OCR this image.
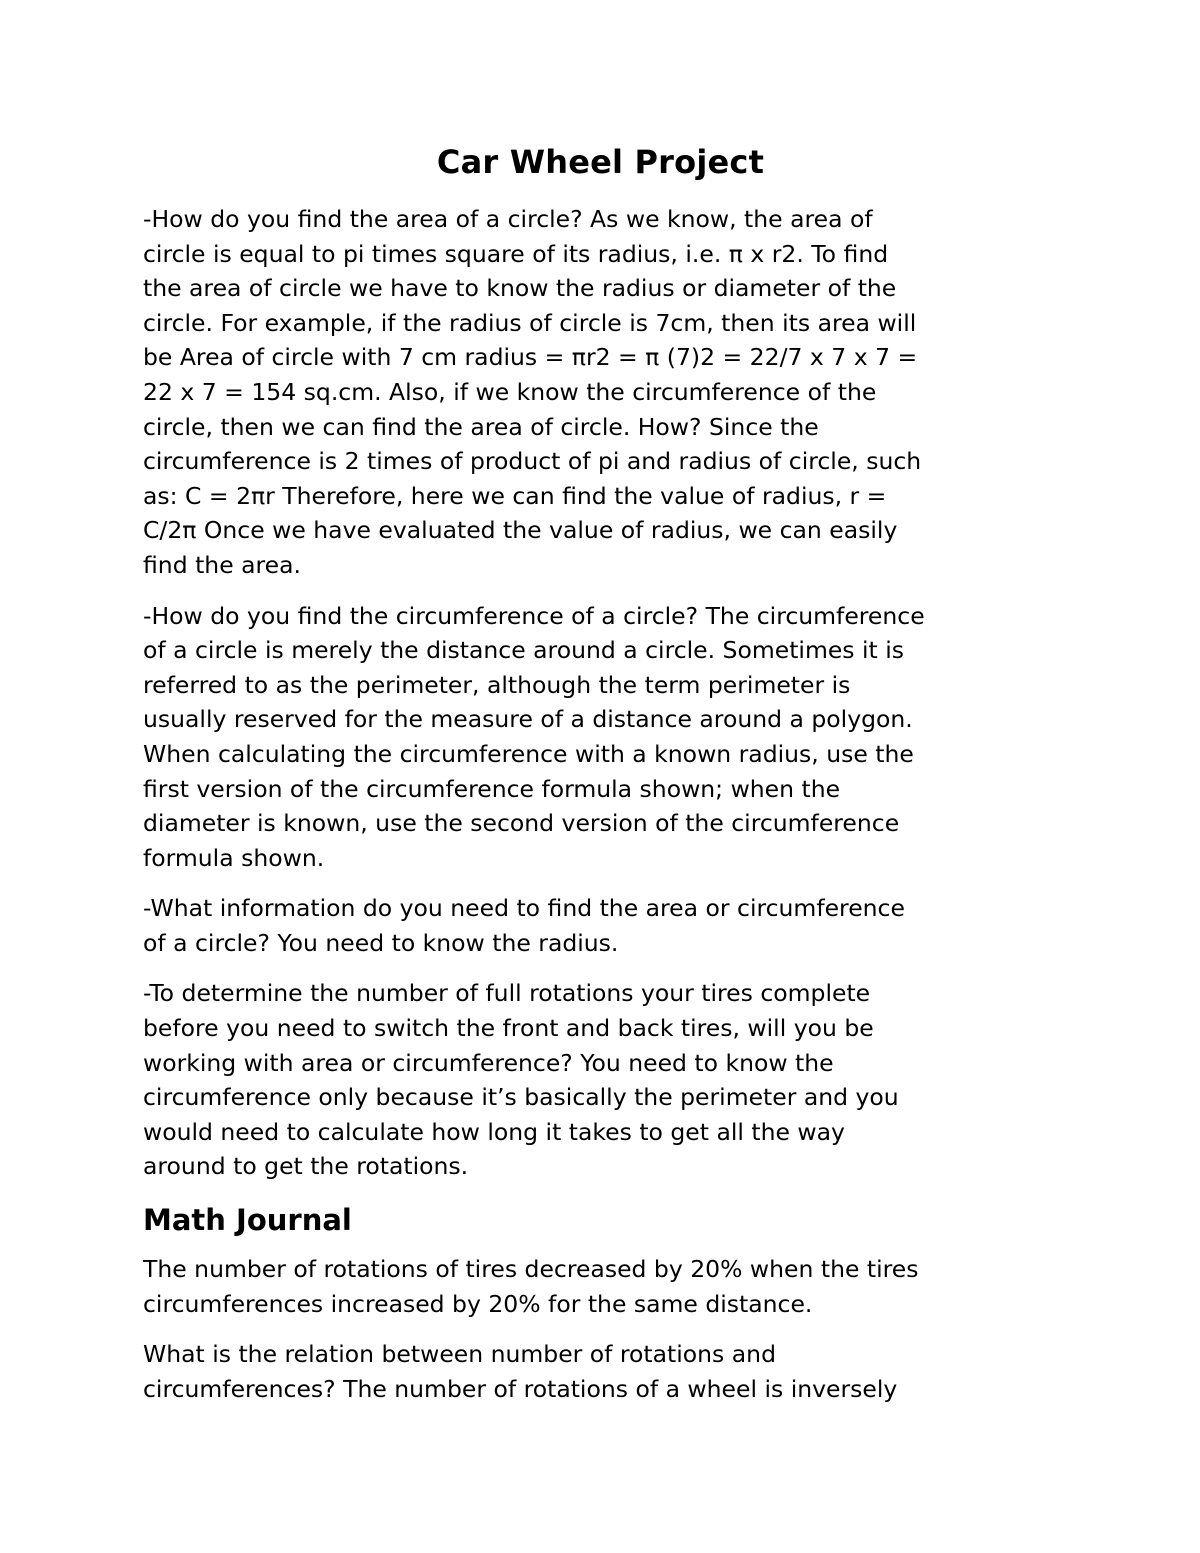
Car Wheel Project
-How do you find the area of a circle? As we know, the area of
circle is equal to pi times square of its radius, i.e. π x r2. To find
the area of circle we have to know the radius or diameter of the
circle. For example, if the radius of circle is 7cm, then its area will
be Area of circle with 7 cm radius = πr2 = π (7)2 = 22/7 x 7 x 7 =
22 x 7 = 154 sq.cm. Also, if we know the circumference of the
circle, then we can find the area of circle. How? Since the
circumference is 2 times of product of pi and radius of circle, such
as: C = 2πr Therefore, here we can find the value of radius, r =
C/2π Once we have evaluated the value of radius, we can easily
find the area.
-How do you find the circumference of a circle? The circumference
of a circle is merely the distance around a circle. Sometimes it is
referred to as the perimeter, although the term perimeter is
usually reserved for the measure of a distance around a polygon.
When calculating the circumference with a known radius, use the
first version of the circumference formula shown; when the
diameter is known, use the second version of the circumference
formula shown.
-What information do you need to find the area or circumference
of a circle? You need to know the radius.
-To determine the number of full rotations your tires complete
before you need to switch the front and back tires, will you be
working with area or circumference? You need to know the
circumference only because it’s basically the perimeter and you
would need to calculate how long it takes to get all the way
around to get the rotations.
Math Journal
The number of rotations of tires decreased by 20% when the tires
circumferences increased by 20% for the same distance.
What is the relation between number of rotations and
circumferences? The number of rotations of a wheel is inversely
